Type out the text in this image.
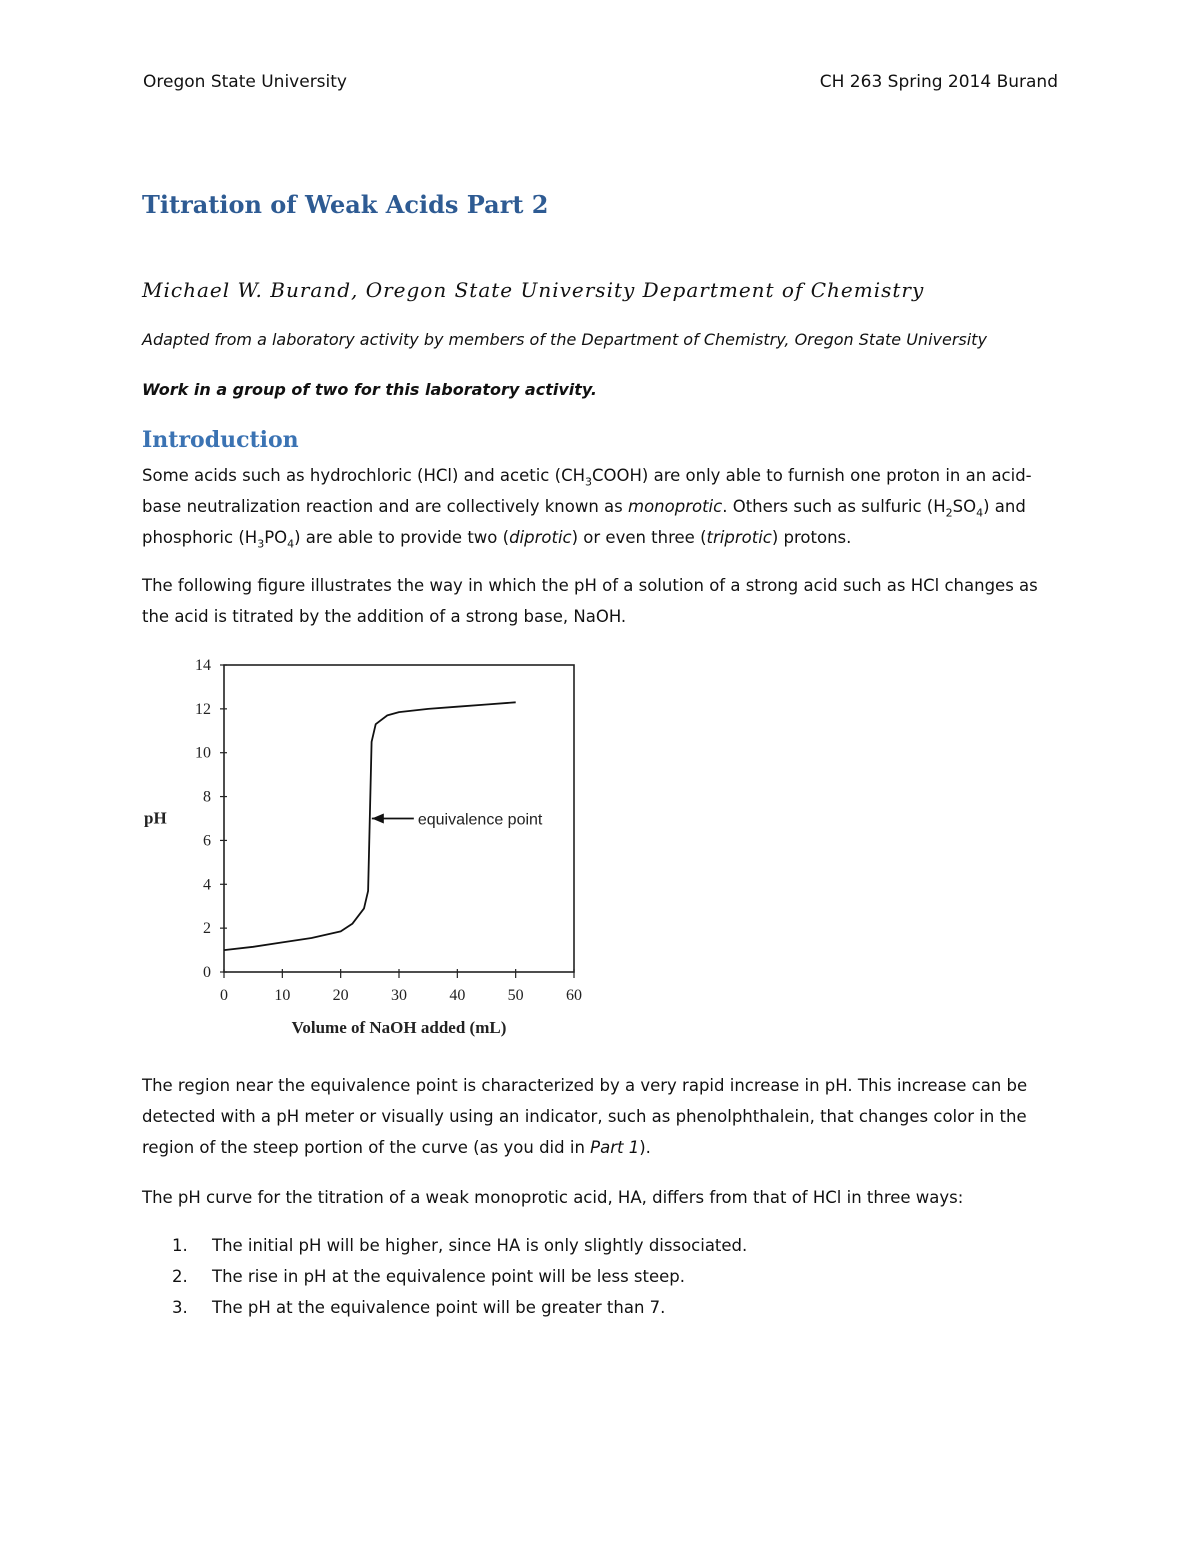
Oregon State University	CH 263 Spring 2014 Burand
Titration of Weak Acids Part 2
Michael W. Burand, Oregon State University Department of Chemistry
Adapted from a laboratory activity by members of the Department of Chemistry, Oregon State University
Work in a group of two for this laboratory activity.
Introduction

Some acids such as hydrochloric (HCl) and acetic $(CH_3COOH)$ are only able to furnish one proton in an acid-base neutralization reaction and are collectively known as monoprotic. Others such as sulfuric $(H_2SO_4)$ and phosphoric $(H_3PO_4)$ are able to provide two (diprotic) or even three (triprotic) protons.

The following figure illustrates the way in which the pH of a solution of a strong acid such as HCl changes as the acid is titrated by the addition of a strong base, NaOH.

0
2
4
6
8
10
12
14
0	10	20	30	40	50	60
pH
Volume of NaOH added (mL)
equivalence point

The region near the equivalence point is characterized by a very rapid increase in pH. This increase can be detected with a pH meter or visually using an indicator, such as phenolphthalein, that changes color in the region of the steep portion of the curve (as you did in Part 1).

The pH curve for the titration of a weak monoprotic acid, HA, differs from that of HCl in three ways:

1. The initial pH will be higher, since HA is only slightly dissociated.
2. The rise in pH at the equivalence point will be less steep.
3. The pH at the equivalence point will be greater than 7.
